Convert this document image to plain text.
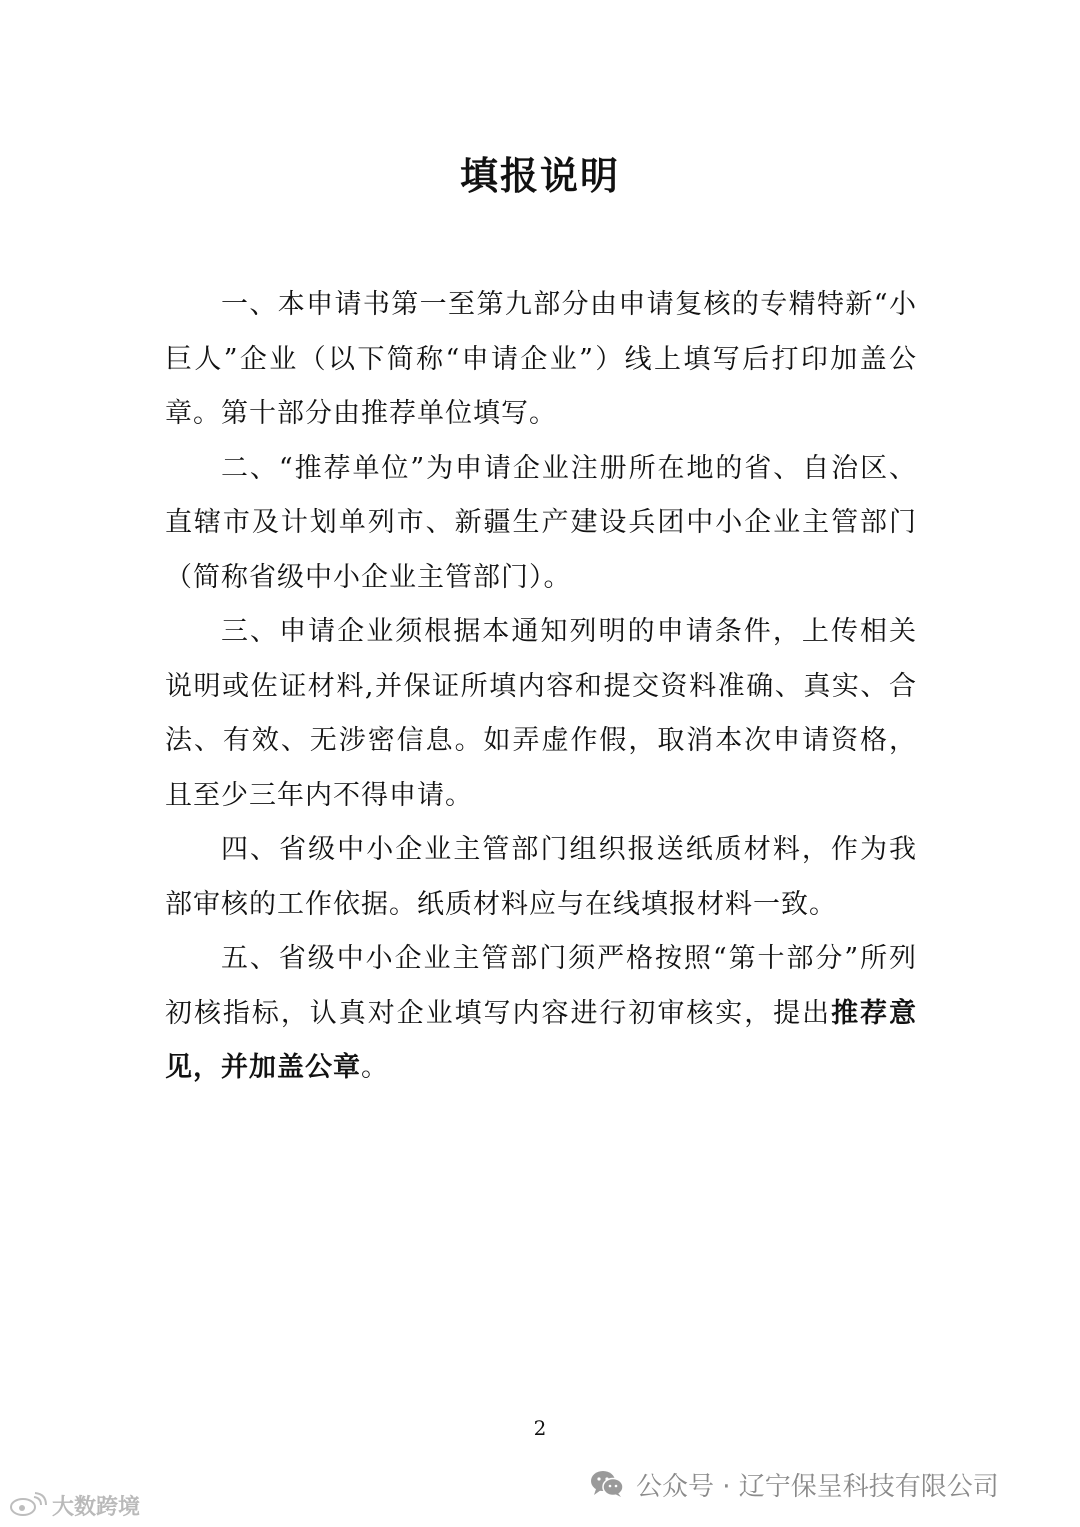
填报说明

一、本申请书第一至第九部分由申请复核的专精特新“小巨人”企业（以下简称“申请企业”）线上填写后打印加盖公章。第十部分由推荐单位填写。

二、“推荐单位”为申请企业注册所在地的省、自治区、直辖市及计划单列市、新疆生产建设兵团中小企业主管部门（简称省级中小企业主管部门）。

三、申请企业须根据本通知列明的申请条件，上传相关说明或佐证材料,并保证所填内容和提交资料准确、真实、合法、有效、无涉密信息。如弄虚作假，取消本次申请资格，且至少三年内不得申请。

四、省级中小企业主管部门组织报送纸质材料，作为我部审核的工作依据。纸质材料应与在线填报材料一致。

五、省级中小企业主管部门须严格按照“第十部分”所列初核指标，认真对企业填写内容进行初审核实，提出推荐意见，并加盖公章。

2
公众号 · 辽宁保呈科技有限公司
大数跨境
